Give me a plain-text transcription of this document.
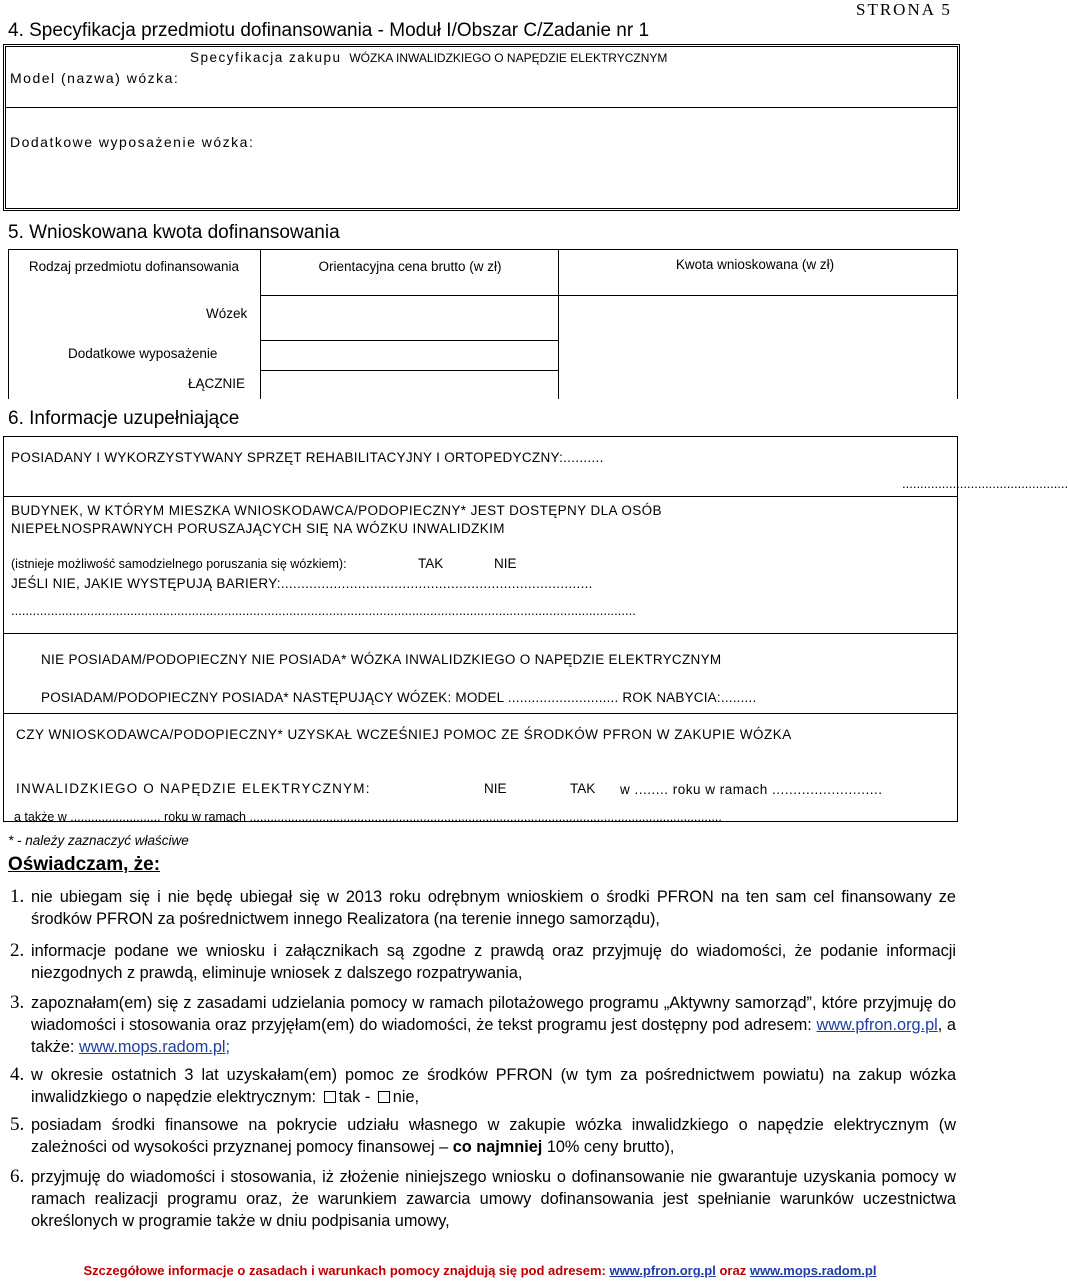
STRONA 5
4. Specyfikacja przedmiotu dofinansowania - Moduł I/Obszar C/Zadanie nr 1
Specyfikacja zakupu WÓZKA INWALIDZKIEGO O NAPĘDZIE ELEKTRYCZNYM
Model (nazwa) wózka:
Dodatkowe wyposażenie wózka:
5. Wnioskowana kwota dofinansowania
Rodzaj przedmiotu dofinansowania	Orientacyjna cena brutto (w zł)	Kwota wnioskowana (w zł)
Wózek
Dodatkowe wyposażenie
ŁĄCZNIE
6. Informacje uzupełniające
POSIADANY I WYKORZYSTYWANY SPRZĘT REHABILITACYJNY I ORTOPEDYCZNY:..........
..............................................
BUDYNEK, W KTÓRYM MIESZKA WNIOSKODAWCA/PODOPIECZNY* JEST DOSTĘPNY DLA OSÓB
NIEPEŁNOSPRAWNYCH PORUSZAJĄCYCH SIĘ NA WÓZKU INWALIDZKIM
(istnieje możliwość samodzielnego poruszania się wózkiem):	TAK	NIE
JEŚLI NIE, JAKIE WYSTĘPUJĄ BARIERY:.............................................................................
.............................................................................................................................................................................
NIE POSIADAM/PODOPIECZNY NIE POSIADA* WÓZKA INWALIDZKIEGO O NAPĘDZIE ELEKTRYCZNYM
POSIADAM/PODOPIECZNY POSIADA* NASTĘPUJĄCY WÓZEK: MODEL ............................ ROK NABYCIA:.........
CZY WNIOSKODAWCA/PODOPIECZNY* UZYSKAŁ WCZEŚNIEJ POMOC ZE ŚRODKÓW PFRON W ZAKUPIE WÓZKA
INWALIDZKIEGO O NAPĘDZIE ELEKTRYCZNYM:	NIE	TAK w ........ roku w ramach ..........................
a także w .......................... roku w ramach ........................................................................................................................................
* - należy zaznaczyć właściwe
Oświadczam, że:
1. nie ubiegam się i nie będę ubiegał się w 2013 roku odrębnym wnioskiem o środki PFRON na ten sam cel finansowany ze środków PFRON za pośrednictwem innego Realizatora (na terenie innego samorządu),
2. informacje podane we wniosku i załącznikach są zgodne z prawdą oraz przyjmuję do wiadomości, że podanie informacji niezgodnych z prawdą, eliminuje wniosek z dalszego rozpatrywania,
3. zapoznałam(em) się z zasadami udzielania pomocy w ramach pilotażowego programu „Aktywny samorząd”, które przyjmuję do wiadomości i stosowania oraz przyjęłam(em) do wiadomości, że tekst programu jest dostępny pod adresem: www.pfron.org.pl, a także: www.mops.radom.pl;
4. w okresie ostatnich 3 lat uzyskałam(em) pomoc ze środków PFRON (w tym za pośrednictwem powiatu) na zakup wózka inwalidzkiego o napędzie elektrycznym: tak - nie,
5. posiadam środki finansowe na pokrycie udziału własnego w zakupie wózka inwalidzkiego o napędzie elektrycznym (w zależności od wysokości przyznanej pomocy finansowej – co najmniej 10% ceny brutto),
6. przyjmuję do wiadomości i stosowania, iż złożenie niniejszego wniosku o dofinansowanie nie gwarantuje uzyskania pomocy w ramach realizacji programu oraz, że warunkiem zawarcia umowy dofinansowania jest spełnianie warunków uczestnictwa określonych w programie także w dniu podpisania umowy,
Szczegółowe informacje o zasadach i warunkach pomocy znajdują się pod adresem: www.pfron.org.pl oraz www.mops.radom.pl
